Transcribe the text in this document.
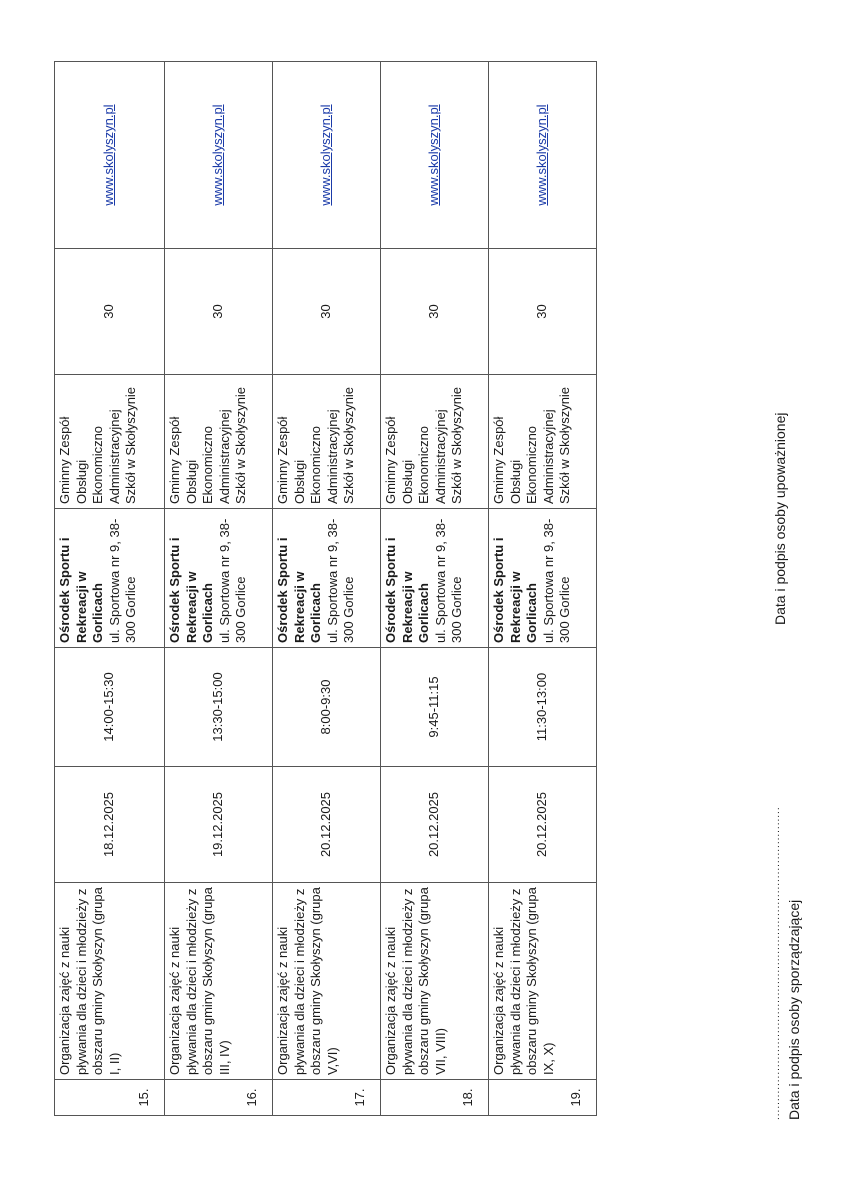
15.	Organizacja zajęć z nauki pływania dla dzieci i młodzieży z obszaru gminy Skołyszyn (grupa I, II)	18.12.2025	14:00-15:30	Ośrodek Sportu i Rekreacji w Gorlicach ul. Sportowa nr 9, 38-300 Gorlice	Gminny Zespół Obsługi Ekonomiczno Administracyjnej Szkół w Skołyszynie	30	www.skolyszyn.pl
16.	Organizacja zajęć z nauki pływania dla dzieci i młodzieży z obszaru gminy Skołyszyn (grupa III, IV)	19.12.2025	13:30-15:00	Ośrodek Sportu i Rekreacji w Gorlicach ul. Sportowa nr 9, 38-300 Gorlice	Gminny Zespół Obsługi Ekonomiczno Administracyjnej Szkół w Skołyszynie	30	www.skolyszyn.pl
17.	Organizacja zajęć z nauki pływania dla dzieci i młodzieży z obszaru gminy Skołyszyn (grupa V,VI)	20.12.2025	8:00-9:30	Ośrodek Sportu i Rekreacji w Gorlicach ul. Sportowa nr 9, 38-300 Gorlice	Gminny Zespół Obsługi Ekonomiczno Administracyjnej Szkół w Skołyszynie	30	www.skolyszyn.pl
18.	Organizacja zajęć z nauki pływania dla dzieci i młodzieży z obszaru gminy Skołyszyn (grupa VII, VIII)	20.12.2025	9:45-11:15	Ośrodek Sportu i Rekreacji w Gorlicach ul. Sportowa nr 9, 38-300 Gorlice	Gminny Zespół Obsługi Ekonomiczno Administracyjnej Szkół w Skołyszynie	30	www.skolyszyn.pl
19.	Organizacja zajęć z nauki pływania dla dzieci i młodzieży z obszaru gminy Skołyszyn (grupa IX, X)	20.12.2025	11:30-13:00	Ośrodek Sportu i Rekreacji w Gorlicach ul. Sportowa nr 9, 38-300 Gorlice	Gminny Zespół Obsługi Ekonomiczno Administracyjnej Szkół w Skołyszynie	30	www.skolyszyn.pl
................................................................................... Data i podpis osoby sporządzającej
Data i podpis osoby upoważnionej
